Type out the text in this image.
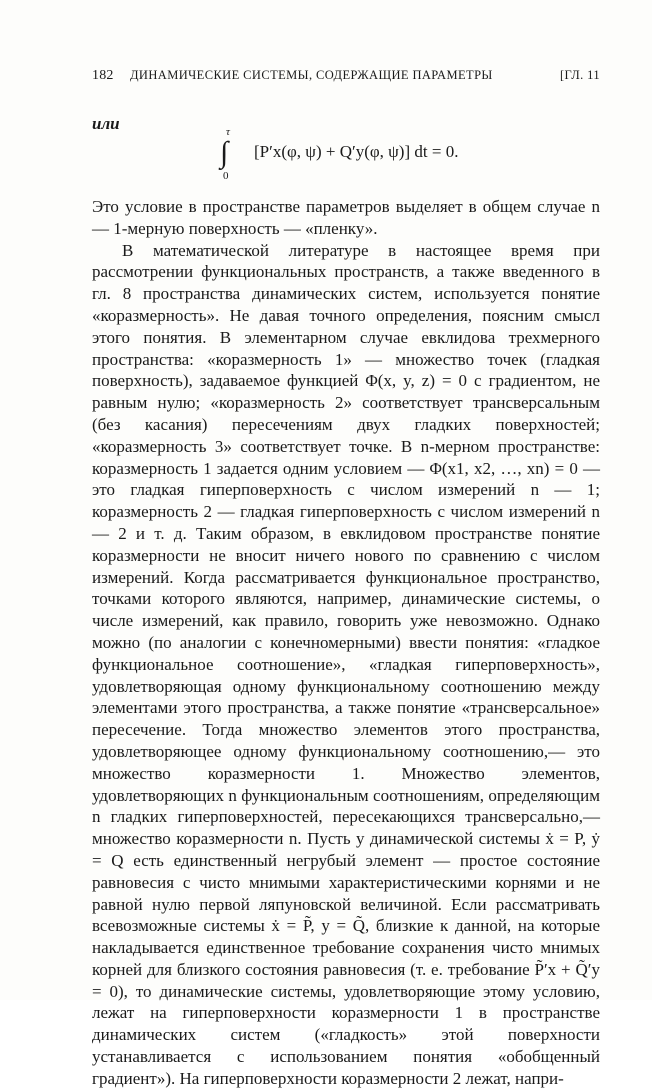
182 ДИНАМИЧЕСКИЕ СИСТЕМЫ, СОДЕРЖАЩИЕ ПАРАМЕТРЫ	[ГЛ. 11
или	τ
∫
0
[P′x(φ, ψ) + Q′y(φ, ψ)] dt = 0.

Это условие в пространстве параметров выделяет в общем случае n — 1-мерную поверхность — «пленку».

В математической литературе в настоящее время при рассмотрении функциональных пространств, а также введенного в гл. 8 пространства динамических систем, используется понятие «коразмерность». Не давая точного определения, поясним смысл этого понятия. В элементарном случае евклидова трехмерного пространства: «коразмерность 1» — множество точек (гладкая поверхность), задаваемое функцией Φ(x, y, z) = 0 с градиентом, не равным нулю; «коразмерность 2» соответствует трансверсальным (без касания) пересечениям двух гладких поверхностей; «коразмерность 3» соответствует точке. В n-мерном пространстве: коразмерность 1 задается одним условием — Φ(x1, x2, …, xn) = 0 — это гладкая гиперповерхность с числом измерений n — 1; коразмерность 2 — гладкая гиперповерхность с числом измерений n — 2 и т. д. Таким образом, в евклидовом пространстве понятие коразмерности не вносит ничего нового по сравнению с числом измерений. Когда рассматривается функциональное пространство, точками которого являются, например, динамические системы, о числе измерений, как правило, говорить уже невозможно. Однако можно (по аналогии с конечномерными) ввести понятия: «гладкое функциональное соотношение», «гладкая гиперповерхность», удовлетворяющая одному функциональному соотношению между элементами этого пространства, а также понятие «трансверсальное» пересечение. Тогда множество элементов этого пространства, удовлетворяющее одному функциональному соотношению,— это множество коразмерности 1. Множество элементов, удовлетворяющих n функциональным соотношениям, определяющим n гладких гиперповерхностей, пересекающихся трансверсально,— множество коразмерности n. Пусть у динамической системы ẋ = P, ẏ = Q есть единственный негрубый элемент — простое состояние равновесия с чисто мнимыми характеристическими корнями и не равной нулю первой ляпуновской величиной. Если рассматривать всевозможные системы ẋ = P̃, y = Q̃, близкие к данной, на которые накладывается единственное требование сохранения чисто мнимых корней для близкого состояния равновесия (т. е. требование P̃′x + Q̃′y = 0), то динамические системы, удовлетворяющие этому условию, лежат на гиперповерхности коразмерности 1 в пространстве динамических систем («гладкость» этой поверхности устанавливается с использованием понятия «обобщенный градиент»). На гиперповерхности коразмерности 2 лежат, напри-
